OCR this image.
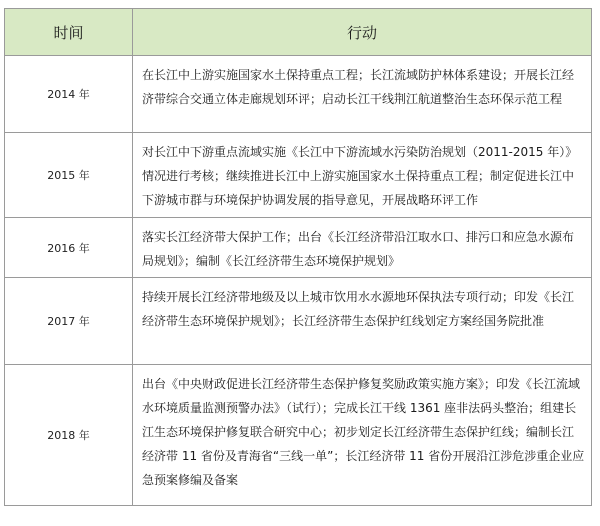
时间	行动
2014 年	在长江中上游实施国家水土保持重点工程；长江流域防护林体系建设；开展长江经济带综合交通立体走廊规划环评；启动长江干线荆江航道整治生态环保示范工程
2015 年	对长江中下游重点流域实施《长江中下游流域水污染防治规划（2011-2015 年）》情况进行考核；继续推进长江中上游实施国家水土保持重点工程；制定促进长江中下游城市群与环境保护协调发展的指导意见，开展战略环评工作
2016 年	落实长江经济带大保护工作；出台《长江经济带沿江取水口、排污口和应急水源布局规划》；编制《长江经济带生态环境保护规划》
2017 年	持续开展长江经济带地级及以上城市饮用水水源地环保执法专项行动；印发《长江经济带生态环境保护规划》；长江经济带生态保护红线划定方案经国务院批准
2018 年	出台《中央财政促进长江经济带生态保护修复奖励政策实施方案》；印发《长江流域水环境质量监测预警办法》（试行）；完成长江干线 1361 座非法码头整治；组建长江生态环境保护修复联合研究中心；初步划定长江经济带生态保护红线；编制长江经济带 11 省份及青海省“三线一单”；长江经济带 11 省份开展沿江涉危涉重企业应急预案修编及备案
